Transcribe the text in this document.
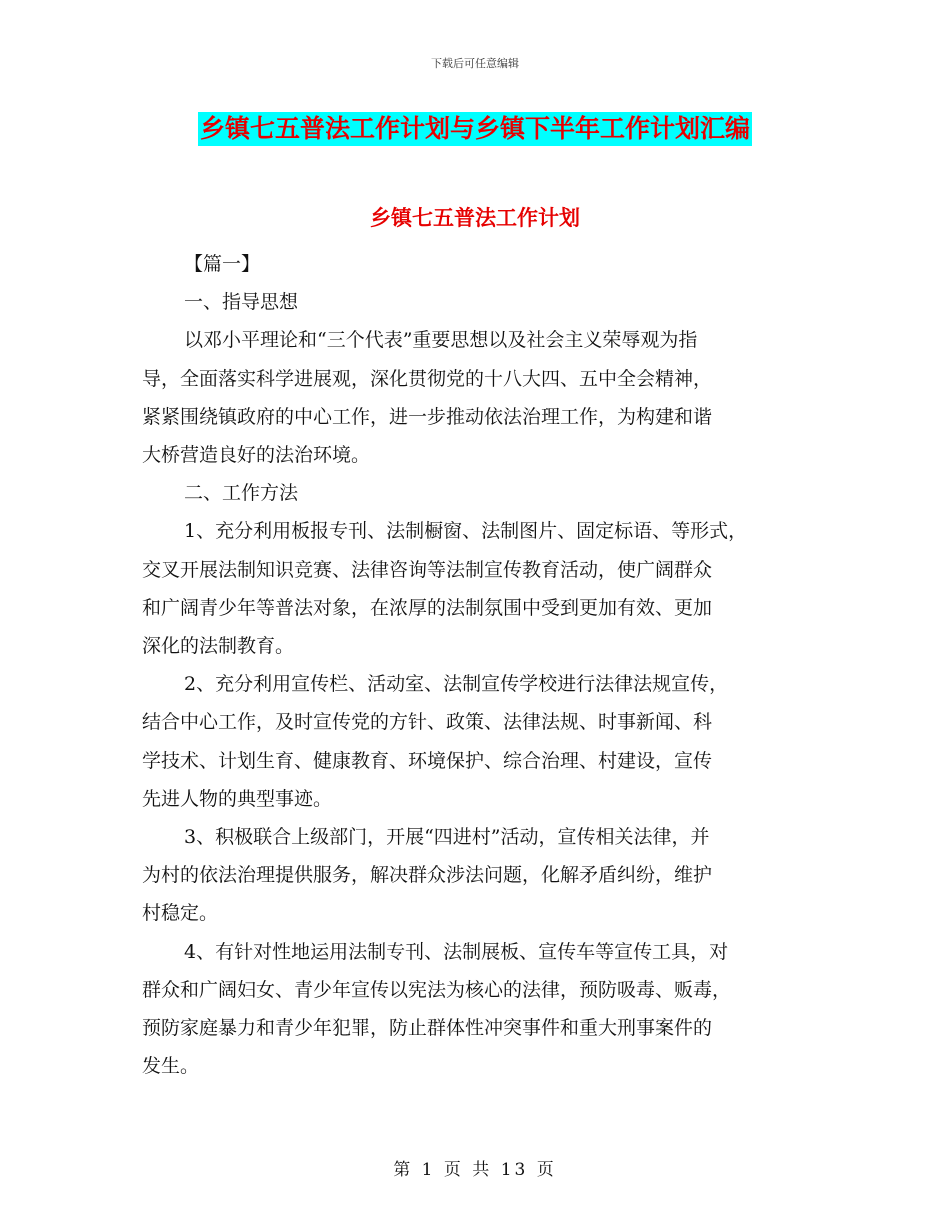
下载后可任意编辑
乡镇七五普法工作计划与乡镇下半年工作计划汇编
乡镇七五普法工作计划

【篇一】

一、指导思想

以邓小平理论和“三个代表”重要思想以及社会主义荣辱观为指
导，全面落实科学进展观，深化贯彻党的十八大四、五中全会精神，
紧紧围绕镇政府的中心工作，进一步推动依法治理工作，为构建和谐
大桥营造良好的法治环境。

二、工作方法

1、充分利用板报专刊、法制橱窗、法制图片、固定标语、等形式，
交叉开展法制知识竞赛、法律咨询等法制宣传教育活动，使广阔群众
和广阔青少年等普法对象，在浓厚的法制氛围中受到更加有效、更加
深化的法制教育。

2、充分利用宣传栏、活动室、法制宣传学校进行法律法规宣传，
结合中心工作，及时宣传党的方针、政策、法律法规、时事新闻、科
学技术、计划生育、健康教育、环境保护、综合治理、村建设，宣传
先进人物的典型事迹。

3、积极联合上级部门，开展“四进村”活动，宣传相关法律，并
为村的依法治理提供服务，解决群众涉法问题，化解矛盾纠纷，维护
村稳定。

4、有针对性地运用法制专刊、法制展板、宣传车等宣传工具，对
群众和广阔妇女、青少年宣传以宪法为核心的法律，预防吸毒、贩毒，
预防家庭暴力和青少年犯罪，防止群体性冲突事件和重大刑事案件的
发生。

第 1 页 共 13 页
